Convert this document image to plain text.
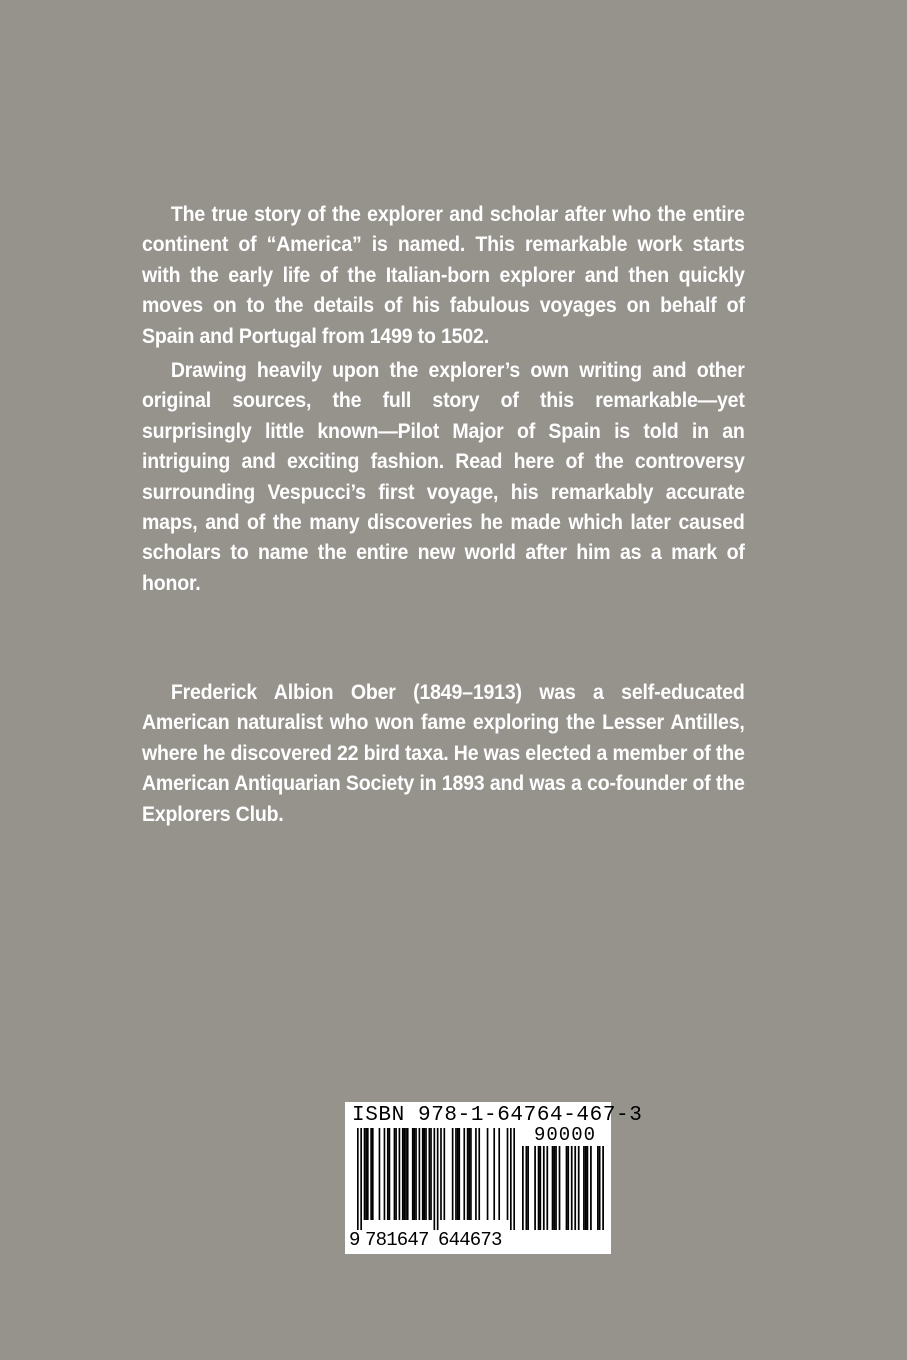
The true story of the explorer and scholar after who the entire continent of “America” is named. This remarkable work starts with the early life of the Italian-born explorer and then quickly moves on to the details of his fabulous voyages on behalf of Spain and Portugal from 1499 to 1502.

Drawing heavily upon the explorer’s own writing and other original sources, the full story of this remarkable—yet surprisingly little known—Pilot Major of Spain is told in an intriguing and exciting fashion. Read here of the controversy surrounding Vespucci’s first voyage, his remarkably accurate maps, and of the many discoveries he made which later caused scholars to name the entire new world after him as a mark of honor.

Frederick Albion Ober (1849–1913) was a self-educated American naturalist who won fame exploring the Lesser Antilles, where he discovered 22 bird taxa. He was elected a member of the American Antiquarian Society in 1893 and was a co-founder of the Explorers Club.

ISBN 978-1-64764-467-3
90000
9 781647 644673
